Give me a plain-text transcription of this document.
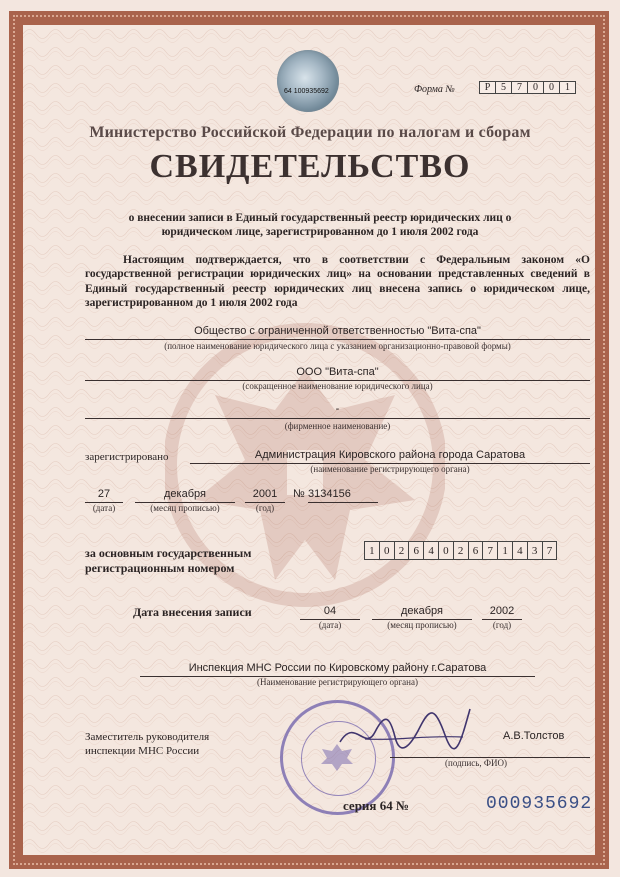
64 100935692	Форма №	Р	5	7	0	0	1
Министерство Российской Федерации по налогам и сборам
СВИДЕТЕЛЬСТВО
о внесении записи в Единый государственный реестр юридических лиц о юридическом лице, зарегистрированном до 1 июля 2002 года
Настоящим подтверждается, что в соответствии с Федеральным законом «О государственной регистрации юридических лиц» на основании представленных сведений в Единый государственный реестр юридических лиц внесена запись о юридическом лице, зарегистрированном до 1 июля 2002 года
Общество с ограниченной ответственностью "Вита-спа"
(полное наименование юридического лица с указанием организационно-правовой формы)
ООО "Вита-спа"
(сокращенное наименование юридического лица)
-
(фирменное наименование)
зарегистрировано	Администрация Кировского района города Саратова
(наименование регистрирующего органа)
27
(дата)
декабря
(месяц прописью)
2001
(год)
№ 3134156
за основным государственным
регистрационным номером
1 0 2 6 4 0 2 6 7 1 4 3 7
Дата внесения записи	04
(дата)
декабря
(месяц прописью)
2002
(год)
Инспекция МНС России по Кировскому району г.Саратова
(Наименование регистрирующего органа)
Заместитель руководителя
инспекции МНС России
А.В.Толстов
(подпись, ФИО)
серия 64 №	000935692
